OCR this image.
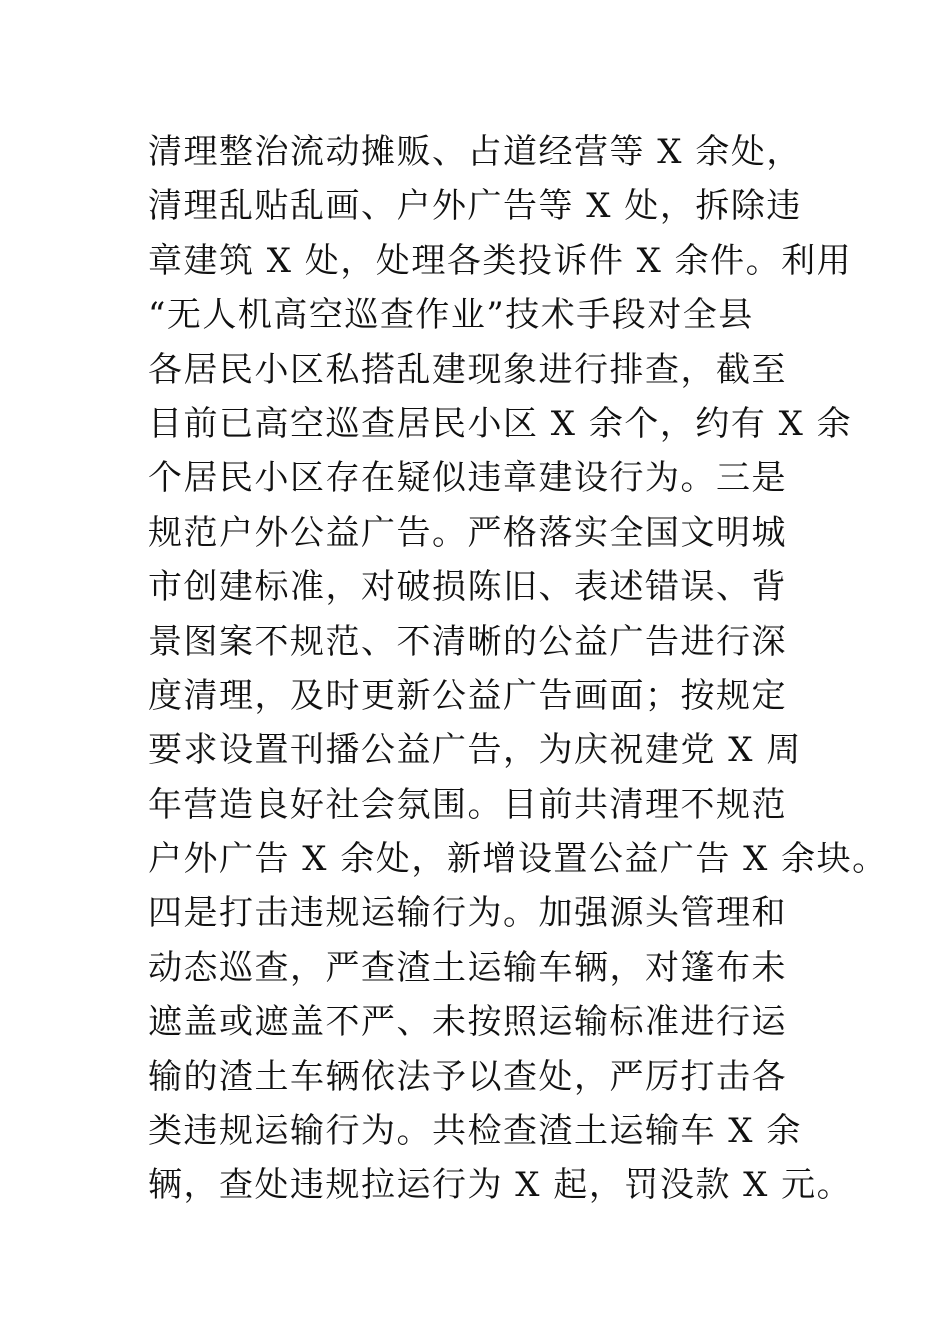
清理整治流动摊贩、占道经营等 X 余处，
清理乱贴乱画、户外广告等 X 处，拆除违
章建筑 X 处，处理各类投诉件 X 余件。利用
“无人机高空巡查作业”技术手段对全县
各居民小区私搭乱建现象进行排查，截至
目前已高空巡查居民小区 X 余个，约有 X 余
个居民小区存在疑似违章建设行为。三是
规范户外公益广告。严格落实全国文明城
市创建标准，对破损陈旧、表述错误、背
景图案不规范、不清晰的公益广告进行深
度清理，及时更新公益广告画面；按规定
要求设置刊播公益广告，为庆祝建党 X 周
年营造良好社会氛围。目前共清理不规范
户外广告 X 余处，新增设置公益广告 X 余块。
四是打击违规运输行为。加强源头管理和
动态巡查，严查渣土运输车辆，对篷布未
遮盖或遮盖不严、未按照运输标准进行运
输的渣土车辆依法予以查处，严厉打击各
类违规运输行为。共检查渣土运输车 X 余
辆，查处违规拉运行为 X 起，罚没款 X 元。
